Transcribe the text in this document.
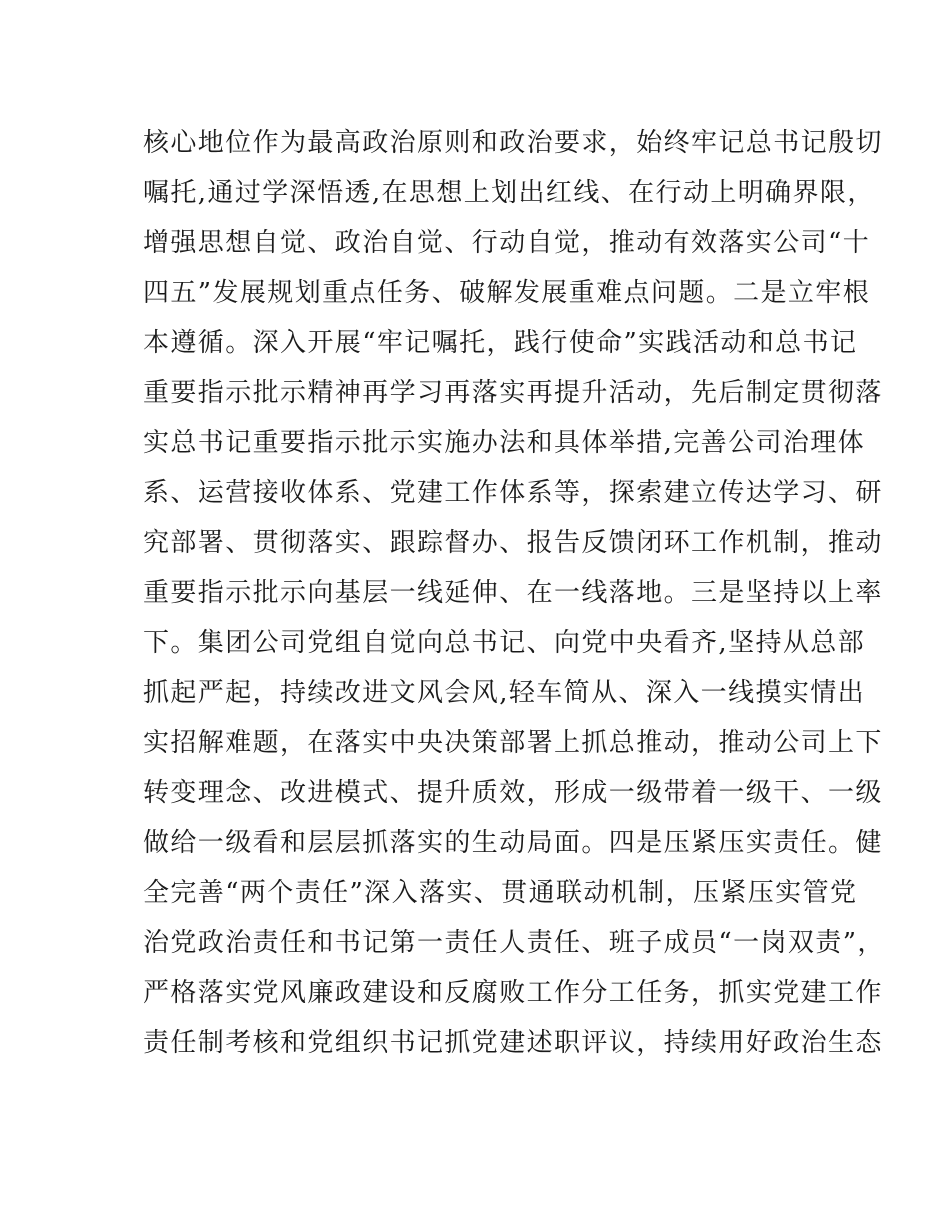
核心地位作为最高政治原则和政治要求，始终牢记总书记殷切
嘱托,通过学深悟透,在思想上划出红线、在行动上明确界限，
增强思想自觉、政治自觉、行动自觉，推动有效落实公司“十
四五”发展规划重点任务、破解发展重难点问题。二是立牢根
本遵循。深入开展“牢记嘱托，践行使命”实践活动和总书记
重要指示批示精神再学习再落实再提升活动，先后制定贯彻落
实总书记重要指示批示实施办法和具体举措,完善公司治理体
系、运营接收体系、党建工作体系等，探索建立传达学习、研
究部署、贯彻落实、跟踪督办、报告反馈闭环工作机制，推动
重要指示批示向基层一线延伸、在一线落地。三是坚持以上率
下。集团公司党组自觉向总书记、向党中央看齐,坚持从总部
抓起严起，持续改进文风会风,轻车简从、深入一线摸实情出
实招解难题，在落实中央决策部署上抓总推动，推动公司上下
转变理念、改进模式、提升质效，形成一级带着一级干、一级
做给一级看和层层抓落实的生动局面。四是压紧压实责任。健
全完善“两个责任”深入落实、贯通联动机制，压紧压实管党
治党政治责任和书记第一责任人责任、班子成员“一岗双责”，
严格落实党风廉政建设和反腐败工作分工任务，抓实党建工作
责任制考核和党组织书记抓党建述职评议，持续用好政治生态
